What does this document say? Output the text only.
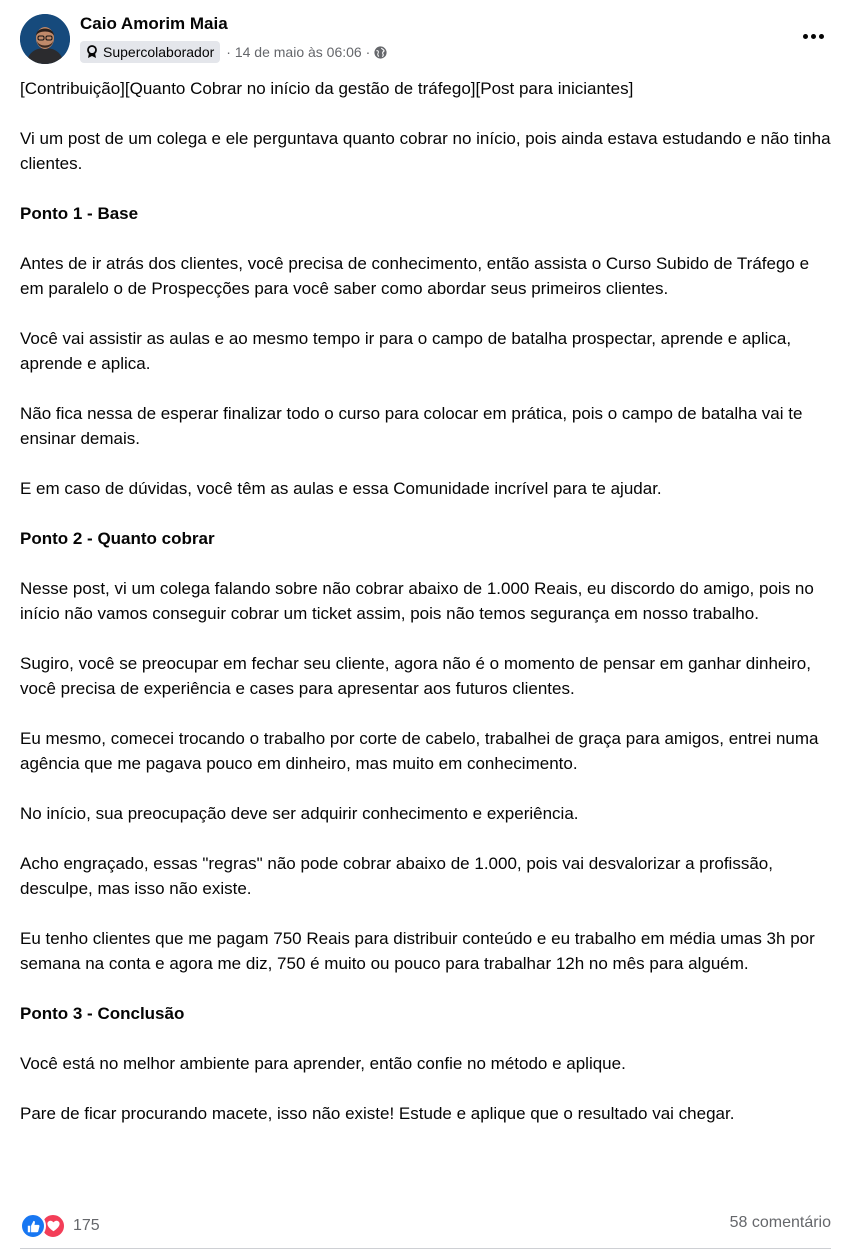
Caio Amorim Maia
Supercolaborador · 14 de maio às 06:06 ·

[Contribuição][Quanto Cobrar no início da gestão de tráfego][Post para iniciantes]

Vi um post de um colega e ele perguntava quanto cobrar no início, pois ainda estava estudando e não tinha clientes.

Ponto 1 - Base

Antes de ir atrás dos clientes, você precisa de conhecimento, então assista o Curso Subido de Tráfego e em paralelo o de Prospecções para você saber como abordar seus primeiros clientes.

Você vai assistir as aulas e ao mesmo tempo ir para o campo de batalha prospectar, aprende e aplica, aprende e aplica.

Não fica nessa de esperar finalizar todo o curso para colocar em prática, pois o campo de batalha vai te ensinar demais.

E em caso de dúvidas, você têm as aulas e essa Comunidade incrível para te ajudar.

Ponto 2 - Quanto cobrar

Nesse post, vi um colega falando sobre não cobrar abaixo de 1.000 Reais, eu discordo do amigo, pois no início não vamos conseguir cobrar um ticket assim, pois não temos segurança em nosso trabalho.

Sugiro, você se preocupar em fechar seu cliente, agora não é o momento de pensar em ganhar dinheiro, você precisa de experiência e cases para apresentar aos futuros clientes.

Eu mesmo, comecei trocando o trabalho por corte de cabelo, trabalhei de graça para amigos, entrei numa agência que me pagava pouco em dinheiro, mas muito em conhecimento.

No início, sua preocupação deve ser adquirir conhecimento e experiência.

Acho engraçado, essas "regras" não pode cobrar abaixo de 1.000, pois vai desvalorizar a profissão, desculpe, mas isso não existe.

Eu tenho clientes que me pagam 750 Reais para distribuir conteúdo e eu trabalho em média umas 3h por semana na conta e agora me diz, 750 é muito ou pouco para trabalhar 12h no mês para alguém.

Ponto 3 - Conclusão

Você está no melhor ambiente para aprender, então confie no método e aplique.

Pare de ficar procurando macete, isso não existe! Estude e aplique que o resultado vai chegar.

175	58 comentário
